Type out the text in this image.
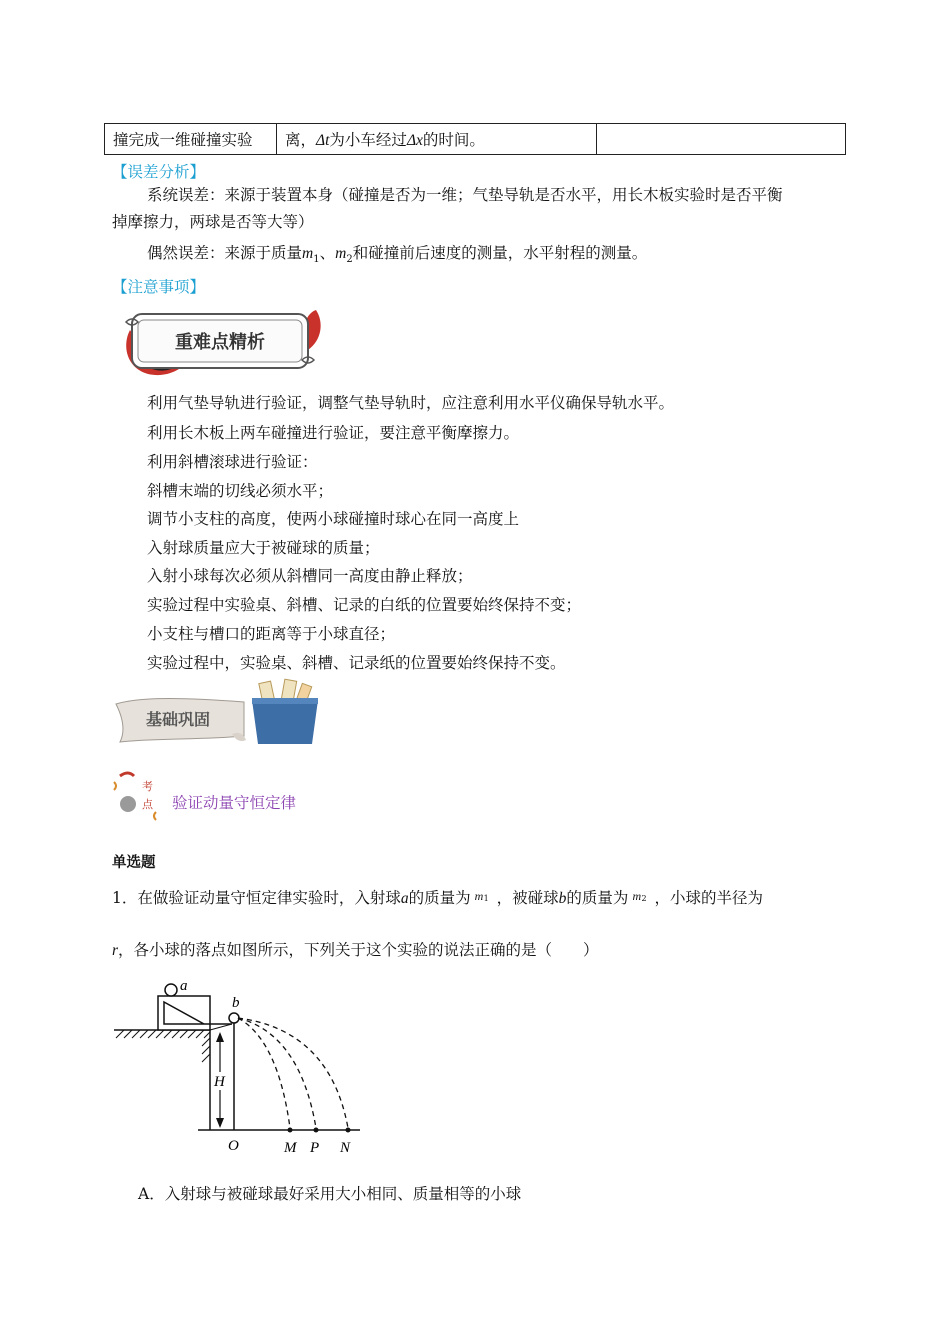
撞完成一维碰撞实验	离，Δt为小车经过Δx的时间。	
【误差分析】
系统误差：来源于装置本身（碰撞是否为一维；气垫导轨是否水平，用长木板实验时是否平衡
掉摩擦力，两球是否等大等）
偶然误差：来源于质量$m_1$、$m_2$和碰撞前后速度的测量，水平射程的测量。
【注意事项】
重难点精析
利用气垫导轨进行验证，调整气垫导轨时，应注意利用水平仪确保导轨水平。
利用长木板上两车碰撞进行验证，要注意平衡摩擦力。
利用斜槽滚球进行验证：
斜槽末端的切线必须水平；
调节小支柱的高度，使两小球碰撞时球心在同一高度上
入射球质量应大于被碰球的质量；
入射小球每次必须从斜槽同一高度由静止释放；
实验过程中实验桌、斜槽、记录的白纸的位置要始终保持不变；
小支柱与槽口的距离等于小球直径；
实验过程中，实验桌、斜槽、记录纸的位置要始终保持不变。
基础巩固
考
点 验证动量守恒定律
单选题
1．在做验证动量守恒定律实验时，入射球a的质量为 m 1 ，被碰球b的质量为 m 2 ，小球的半径为
r，各小球的落点如图所示，下列关于这个实验的说法正确的是（　　）
a
b
H
O	M P N
A．入射球与被碰球最好采用大小相同、质量相等的小球
